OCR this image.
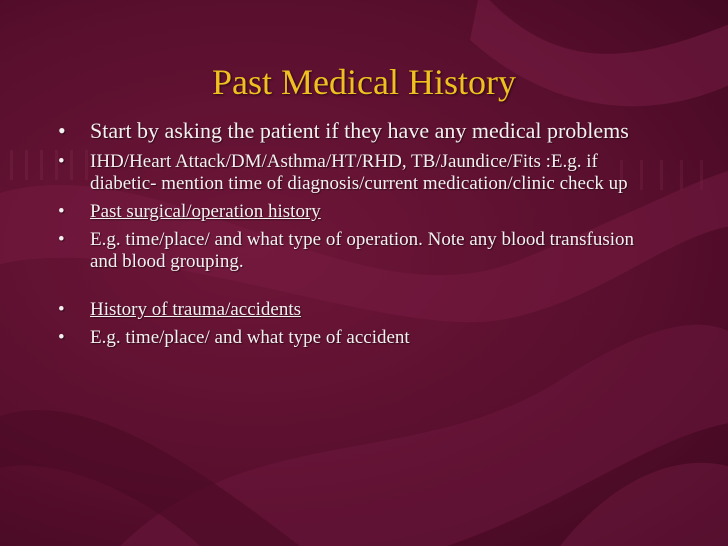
Past Medical History
• Start by asking the patient if they have any medical problems
• IHD/Heart Attack/DM/Asthma/HT/RHD, TB/Jaundice/Fits :E.g. if diabetic- mention time of diagnosis/current medication/clinic check up
• Past surgical/operation history
• E.g. time/place/ and what type of operation. Note any blood transfusion and blood grouping.
• History of trauma/accidents
• E.g. time/place/ and what type of accident
